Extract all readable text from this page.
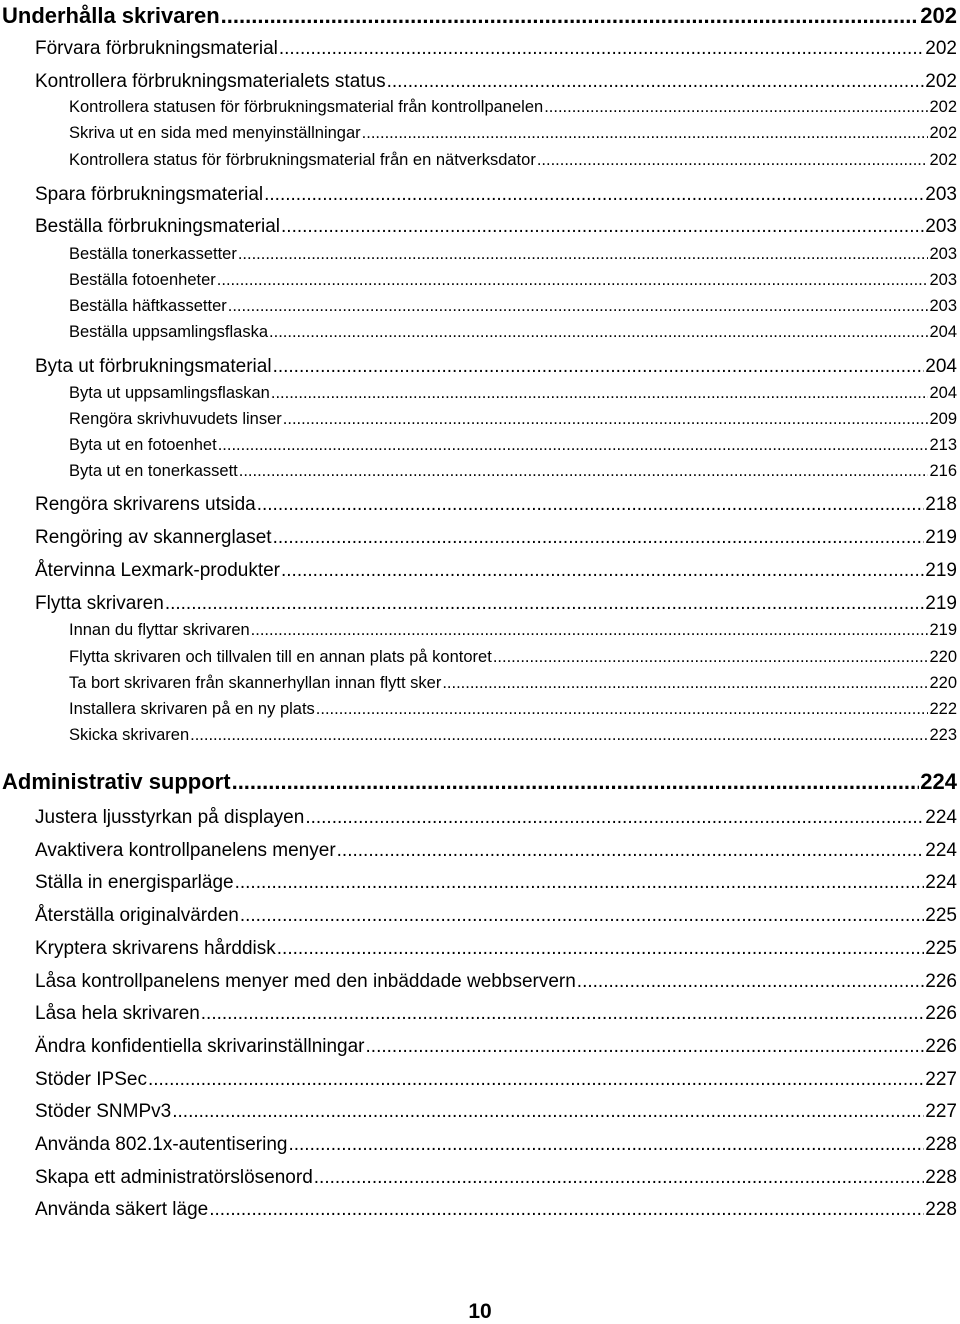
Underhålla skrivaren .....	202
Förvara förbrukningsmaterial .....	202
Kontrollera förbrukningsmaterialets status .....	202
Kontrollera statusen för förbrukningsmaterial från kontrollpanelen .....	202
Skriva ut en sida med menyinställningar .....	202
Kontrollera status för förbrukningsmaterial från en nätverksdator .....	202
Spara förbrukningsmaterial .....	203
Beställa förbrukningsmaterial .....	203
Beställa tonerkassetter .....	203
Beställa fotoenheter .....	203
Beställa häftkassetter .....	203
Beställa uppsamlingsflaska .....	204
Byta ut förbrukningsmaterial .....	204
Byta ut uppsamlingsflaskan .....	204
Rengöra skrivhuvudets linser .....	209
Byta ut en fotoenhet .....	213
Byta ut en tonerkassett .....	216
Rengöra skrivarens utsida .....	218
Rengöring av skannerglaset .....	219
Återvinna Lexmark-produkter .....	219
Flytta skrivaren .....	219
Innan du flyttar skrivaren .....	219
Flytta skrivaren och tillvalen till en annan plats på kontoret .....	220
Ta bort skrivaren från skannerhyllan innan flytt sker .....	220
Installera skrivaren på en ny plats .....	222
Skicka skrivaren .....	223
Administrativ support .....	224
Justera ljusstyrkan på displayen .....	224
Avaktivera kontrollpanelens menyer .....	224
Ställa in energisparläge .....	224
Återställa originalvärden .....	225
Kryptera skrivarens hårddisk .....	225
Låsa kontrollpanelens menyer med den inbäddade webbservern .....	226
Låsa hela skrivaren .....	226
Ändra konfidentiella skrivarinställningar .....	226
Stöder IPSec .....	227
Stöder SNMPv3 .....	227
Använda 802.1x-autentisering .....	228
Skapa ett administratörslösenord .....	228
Använda säkert läge .....	228
10
